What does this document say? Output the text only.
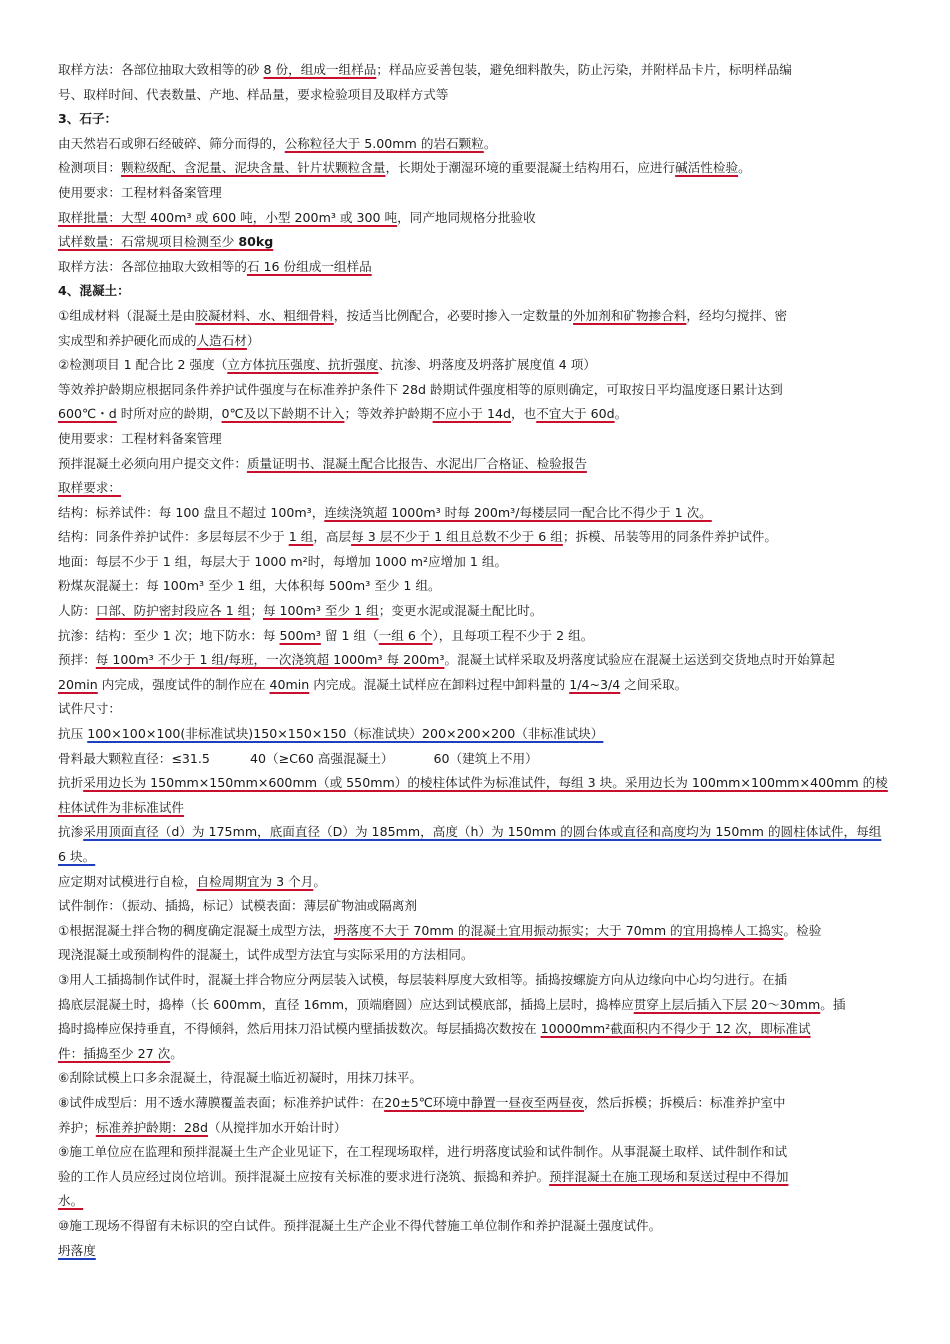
取样方法：各部位抽取大致相等的砂 8 份，组成一组样品；样品应妥善包装，避免细料散失，防止污染，并附样品卡片，标明样品编
号、取样时间、代表数量、产地、样品量，要求检验项目及取样方式等
3、石子：
由天然岩石或卵石经破碎、筛分而得的，公称粒径大于 5.00mm 的岩石颗粒。
检测项目：颗粒级配、含泥量、泥块含量、针片状颗粒含量，长期处于潮湿环境的重要混凝土结构用石，应进行碱活性检验。
使用要求：工程材料备案管理
取样批量：大型 400m³ 或 600 吨，小型 200m³ 或 300 吨，同产地同规格分批验收
试样数量：石常规项目检测至少 80kg
取样方法：各部位抽取大致相等的石 16 份组成一组样品
4、混凝土：
①组成材料（混凝土是由胶凝材料、水、粗细骨料，按适当比例配合，必要时掺入一定数量的外加剂和矿物掺合料，经均匀搅拌、密
实成型和养护硬化而成的人造石材）
②检测项目 1 配合比 2 强度（立方体抗压强度、抗折强度、抗渗、坍落度及坍落扩展度值 4 项）
等效养护龄期应根据同条件养护试件强度与在标准养护条件下 28d 龄期试件强度相等的原则确定，可取按日平均温度逐日累计达到
600℃・d 时所对应的龄期，0℃及以下龄期不计入；等效养护龄期不应小于 14d，也不宜大于 60d。
使用要求：工程材料备案管理
预拌混凝土必须向用户提交文件：质量证明书、混凝土配合比报告、水泥出厂合格证、检验报告
取样要求：
结构：标养试件：每 100 盘且不超过 100m³，连续浇筑超 1000m³ 时每 200m³/每楼层同一配合比不得少于 1 次。
结构：同条件养护试件：多层每层不少于 1 组，高层每 3 层不少于 1 组且总数不少于 6 组；拆模、吊装等用的同条件养护试件。
地面：每层不少于 1 组，每层大于 1000 m²时，每增加 1000 m²应增加 1 组。
粉煤灰混凝土：每 100m³ 至少 1 组，大体积每 500m³ 至少 1 组。
人防：口部、防护密封段应各 1 组；每 100m³ 至少 1 组；变更水泥或混凝土配比时。
抗渗：结构：至少 1 次；地下防水：每 500m³ 留 1 组（一组 6 个），且每项工程不少于 2 组。
预拌：每 100m³ 不少于 1 组/每班，一次浇筑超 1000m³ 每 200m³。混凝土试样采取及坍落度试验应在混凝土运送到交货地点时开始算起
20min 内完成，强度试件的制作应在 40min 内完成。混凝土试样应在卸料过程中卸料量的 1/4~3/4 之间采取。
试件尺寸：
抗压 100×100×100(非标准试块)150×150×150（标准试块）200×200×200（非标准试块）
骨料最大颗粒直径：≤31.5	40（≥C60 高强混凝土）	60（建筑上不用）
抗折采用边长为 150mm×150mm×600mm（或 550mm）的棱柱体试件为标准试件，每组 3 块。采用边长为 100mm×100mm×400mm 的棱柱体试件为非标准试件
抗渗采用顶面直径（d）为 175mm，底面直径（D）为 185mm，高度（h）为 150mm 的圆台体或直径和高度均为 150mm 的圆柱体试件，每组 6 块。
应定期对试模进行自检，自检周期宜为 3 个月。
试件制作：（振动、插捣，标记）试模表面：薄层矿物油或隔离剂
①根据混凝土拌合物的稠度确定混凝土成型方法，坍落度不大于 70mm 的混凝土宜用振动振实；大于 70mm 的宜用捣棒人工捣实。检验
现浇混凝土或预制构件的混凝土，试件成型方法宜与实际采用的方法相同。
③用人工插捣制作试件时，混凝土拌合物应分两层装入试模，每层装料厚度大致相等。插捣按螺旋方向从边缘向中心均匀进行。在插
捣底层混凝土时，捣棒（长 600mm，直径 16mm，顶端磨圆）应达到试模底部，插捣上层时，捣棒应贯穿上层后插入下层 20～30mm。插
捣时捣棒应保持垂直，不得倾斜，然后用抹刀沿试模内壁插拔数次。每层插捣次数按在 10000mm²截面积内不得少于 12 次，即标准试
件：插捣至少 27 次。
⑥刮除试模上口多余混凝土，待混凝土临近初凝时，用抹刀抹平。
⑧试件成型后：用不透水薄膜覆盖表面；标准养护试件：在20±5℃环境中静置一昼夜至两昼夜，然后拆模；拆模后：标准养护室中
养护；标准养护龄期：28d（从搅拌加水开始计时）
⑨施工单位应在监理和预拌混凝土生产企业见证下，在工程现场取样，进行坍落度试验和试件制作。从事混凝土取样、试件制作和试
验的工作人员应经过岗位培训。预拌混凝土应按有关标准的要求进行浇筑、振捣和养护。预拌混凝土在施工现场和泵送过程中不得加
水。
⑩施工现场不得留有未标识的空白试件。预拌混凝土生产企业不得代替施工单位制作和养护混凝土强度试件。
坍落度
